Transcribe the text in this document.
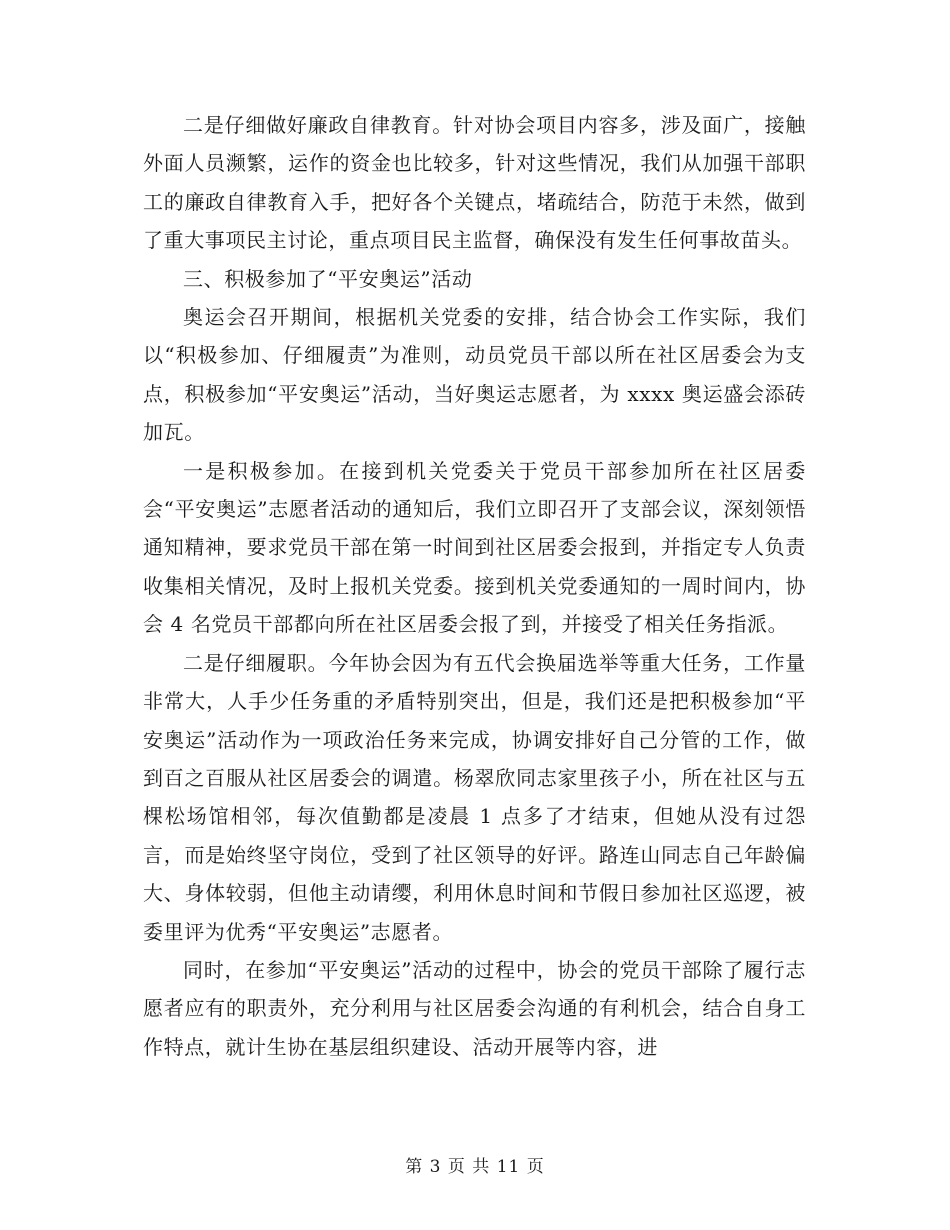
二是仔细做好廉政自律教育。针对协会项目内容多，涉及面广，接触外面人员濒繁，运作的资金也比较多，针对这些情况，我们从加强干部职工的廉政自律教育入手，把好各个关键点，堵疏结合，防范于未然，做到了重大事项民主讨论，重点项目民主监督，确保没有发生任何事故苗头。

三、积极参加了“平安奥运”活动

奥运会召开期间，根据机关党委的安排，结合协会工作实际，我们以“积极参加、仔细履责”为准则，动员党员干部以所在社区居委会为支点，积极参加“平安奥运”活动，当好奥运志愿者，为 xxxx 奥运盛会添砖加瓦。

一是积极参加。在接到机关党委关于党员干部参加所在社区居委会“平安奥运”志愿者活动的通知后，我们立即召开了支部会议，深刻领悟通知精神，要求党员干部在第一时间到社区居委会报到，并指定专人负责收集相关情况，及时上报机关党委。接到机关党委通知的一周时间内，协会 4 名党员干部都向所在社区居委会报了到，并接受了相关任务指派。

二是仔细履职。今年协会因为有五代会换届选举等重大任务，工作量非常大，人手少任务重的矛盾特别突出，但是，我们还是把积极参加“平安奥运”活动作为一项政治任务来完成，协调安排好自己分管的工作，做到百之百服从社区居委会的调遣。杨翠欣同志家里孩子小，所在社区与五棵松场馆相邻，每次值勤都是凌晨 1 点多了才结束，但她从没有过怨言，而是始终坚守岗位，受到了社区领导的好评。路连山同志自己年龄偏大、身体较弱，但他主动请缨，利用休息时间和节假日参加社区巡逻，被委里评为优秀“平安奥运”志愿者。

同时，在参加“平安奥运”活动的过程中，协会的党员干部除了履行志愿者应有的职责外，充分利用与社区居委会沟通的有利机会，结合自身工作特点，就计生协在基层组织建设、活动开展等内容，进

第 3 页 共 11 页
